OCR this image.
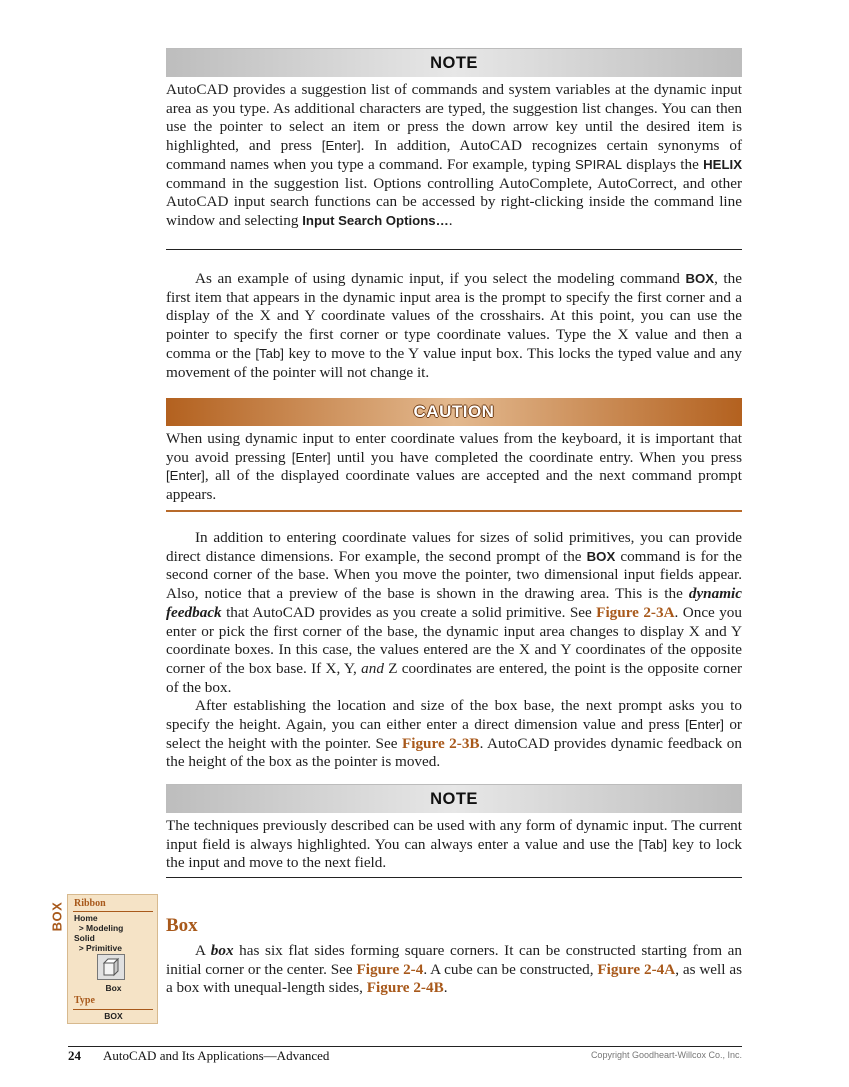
NOTE

AutoCAD provides a suggestion list of commands and system variables at the dynamic input area as you type. As additional characters are typed, the suggestion list changes. You can then use the pointer to select an item or press the down arrow key until the desired item is highlighted, and press [Enter]. In addition, AutoCAD recognizes certain synonyms of command names when you type a command. For example, typing SPIRAL displays the HELIX command in the suggestion list. Options controlling AutoComplete, AutoCorrect, and other AutoCAD input search functions can be accessed by right-clicking inside the command line window and selecting Input Search Options….

As an example of using dynamic input, if you select the modeling command BOX, the first item that appears in the dynamic input area is the prompt to specify the first corner and a display of the X and Y coordinate values of the crosshairs. At this point, you can use the pointer to specify the first corner or type coordinate values. Type the X value and then a comma or the [Tab] key to move to the Y value input box. This locks the typed value and any movement of the pointer will not change it.

CAUTION

When using dynamic input to enter coordinate values from the keyboard, it is important that you avoid pressing [Enter] until you have completed the coordinate entry. When you press [Enter], all of the displayed coordinate values are accepted and the next command prompt appears.

In addition to entering coordinate values for sizes of solid primitives, you can provide direct distance dimensions. For example, the second prompt of the BOX command is for the second corner of the base. When you move the pointer, two dimensional input fields appear. Also, notice that a preview of the base is shown in the drawing area. This is the dynamic feedback that AutoCAD provides as you create a solid primitive. See Figure 2-3A. Once you enter or pick the first corner of the base, the dynamic input area changes to display X and Y coordinate boxes. In this case, the values entered are the X and Y coordinates of the opposite corner of the box base. If X, Y, and Z coordinates are entered, the point is the opposite corner of the box.

After establishing the location and size of the box base, the next prompt asks you to specify the height. Again, you can either enter a direct dimension value and press [Enter] or select the height with the pointer. See Figure 2-3B. AutoCAD provides dynamic feedback on the height of the box as the pointer is moved.

NOTE

The techniques previously described can be used with any form of dynamic input. The current input field is always highlighted. You can always enter a value and use the [Tab] key to lock the input and move to the next field.

Box

A box has six flat sides forming square corners. It can be constructed starting from an initial corner or the center. See Figure 2-4. A cube can be constructed, Figure 2-4A, as well as a box with unequal-length sides, Figure 2-4B.

BOX Ribbon
Home
> Modeling
Solid
> Primitive
Box
Type
BOX
24 AutoCAD and Its Applications—Advanced	Copyright Goodheart-Willcox Co., Inc.
